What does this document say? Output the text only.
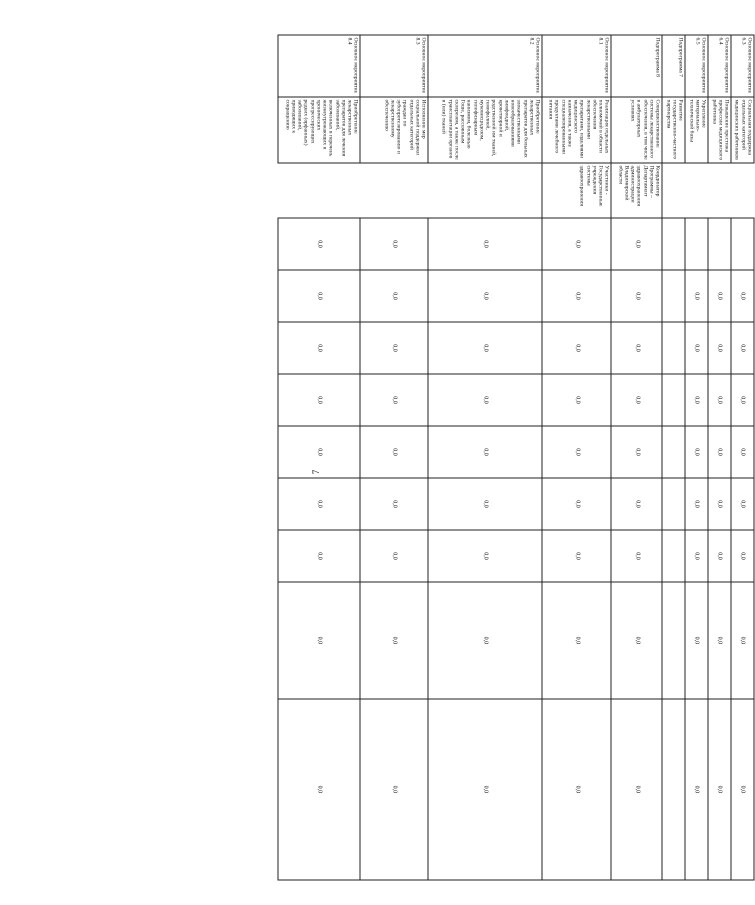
7
Основное мероприятие 6.3	Социальная поддержка отдельных категорий медицинских работников			0,0	0,0	0,0	0,0	0,0	0,0	0,0	0,0
Основное мероприятие 6.4	Повышение престижа профессии медицинского работника			0,0	0,0	0,0	0,0	0,0	0,0	0,0	0,0
Основное мероприятие 6.5	Укрепление материально-технической базы			0,0	0,0	0,0	0,0	0,0	0,0	0,0	0,0
Подпрограмма 7	Развитие государственно-частного партнерства										
Подпрограмма 8	Совершенствование системы лекарственного обеспечения, в том числе в амбулаторных условиях	Координатор Программы – Департамент здравоохранения администрации Владимирской области	0,0	0,0	0,0	0,0	0,0	0,0	0,0	0,0	0,0
Основное мероприятие 8.1	Реализация отдельных полномочий в области обеспечения лекарственными препаратами, изделиями медицинского назначения, а также специализированными продуктами лечебного питания	Участники - Государственные учреждения системы здравоохранения	0,0	0,0	0,0	0,0	0,0	0,0	0,0	0,0	0,0
Основное мероприятие 8.2	Приобретение лекарственных препаратов для больных злокачественными новообразованиями лимфоидной, кроветворной и родственной им тканей, гемофилией, муковисцидозом, гипофизарным нанизмом, болезнью Гоше, рассеянным склерозом, а также после трансплантации органов и (или) тканей		0,0	0,0	0,0	0,0	0,0	0,0	0,0	0,0	0,0
Основное мероприятие 8.3	Исполнение мер социальной поддержки отдельных категорий граждан по зубопротезированию и лекарственному обеспечению		0,0	0,0	0,0	0,0	0,0	0,0	0,0	0,0	0,0
Основное мероприятие 8.4	Приобретение лекарственных препаратов для лечения заболеваний, включенных в перечень жизнеугрожающих и хронических прогрессирующих редких (орфанных) заболеваний, приводящих к сокращению		0,0	0,0	0,0	0,0	0,0	0,0	0,0	0,0	0,0
